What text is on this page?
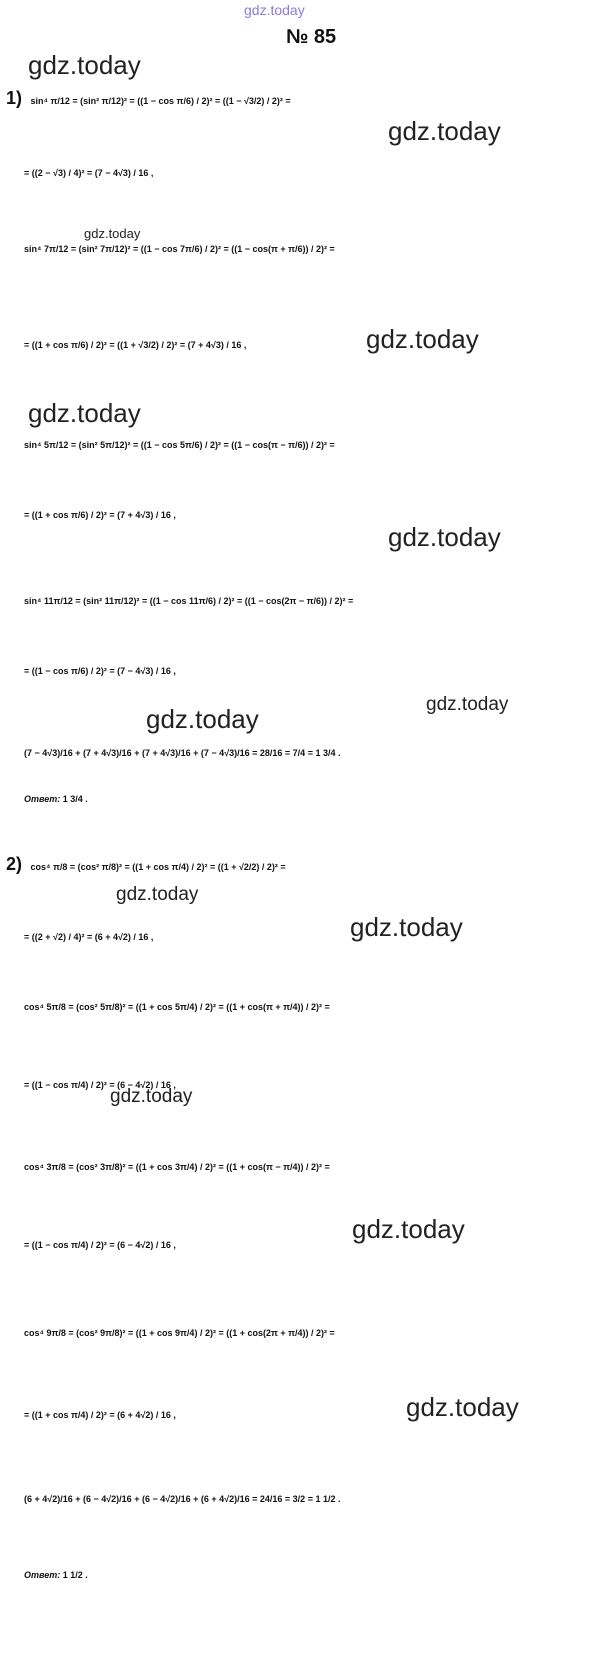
gdz.today
№ 85
gdz.today
gdz.today
gdz.today
gdz.today
gdz.today
gdz.today
gdz.today	gdz.today
gdz.today
gdz.today
gdz.today
gdz.today
gdz.today
1) sin⁴ π/12 = (sin² π/12)² = ((1 − cos π/6) / 2)² = ((1 − √3/2) / 2)² =
= ((2 − √3) / 4)² = (7 − 4√3) / 16 ,
sin⁴ 7π/12 = (sin² 7π/12)² = ((1 − cos 7π/6) / 2)² = ((1 − cos(π + π/6)) / 2)² =
= ((1 + cos π/6) / 2)² = ((1 + √3/2) / 2)² = (7 + 4√3) / 16 ,
sin⁴ 5π/12 = (sin² 5π/12)² = ((1 − cos 5π/6) / 2)² = ((1 − cos(π − π/6)) / 2)² =
= ((1 + cos π/6) / 2)² = (7 + 4√3) / 16 ,
sin⁴ 11π/12 = (sin² 11π/12)² = ((1 − cos 11π/6) / 2)² = ((1 − cos(2π − π/6)) / 2)² =
= ((1 − cos π/6) / 2)² = (7 − 4√3) / 16 ,
(7 − 4√3)/16 + (7 + 4√3)/16 + (7 + 4√3)/16 + (7 − 4√3)/16 = 28/16 = 7/4 = 1 3/4 .
Ответ: 1 3/4 .
2) cos⁴ π/8 = (cos² π/8)² = ((1 + cos π/4) / 2)² = ((1 + √2/2) / 2)² =
= ((2 + √2) / 4)² = (6 + 4√2) / 16 ,
cos⁴ 5π/8 = (cos² 5π/8)² = ((1 + cos 5π/4) / 2)² = ((1 + cos(π + π/4)) / 2)² =
= ((1 − cos π/4) / 2)² = (6 − 4√2) / 16 ,
cos⁴ 3π/8 = (cos² 3π/8)² = ((1 + cos 3π/4) / 2)² = ((1 + cos(π − π/4)) / 2)² =
= ((1 − cos π/4) / 2)² = (6 − 4√2) / 16 ,
cos⁴ 9π/8 = (cos² 9π/8)² = ((1 + cos 9π/4) / 2)² = ((1 + cos(2π + π/4)) / 2)² =
= ((1 + cos π/4) / 2)² = (6 + 4√2) / 16 ,
(6 + 4√2)/16 + (6 − 4√2)/16 + (6 − 4√2)/16 + (6 + 4√2)/16 = 24/16 = 3/2 = 1 1/2 .
Ответ: 1 1/2 .
